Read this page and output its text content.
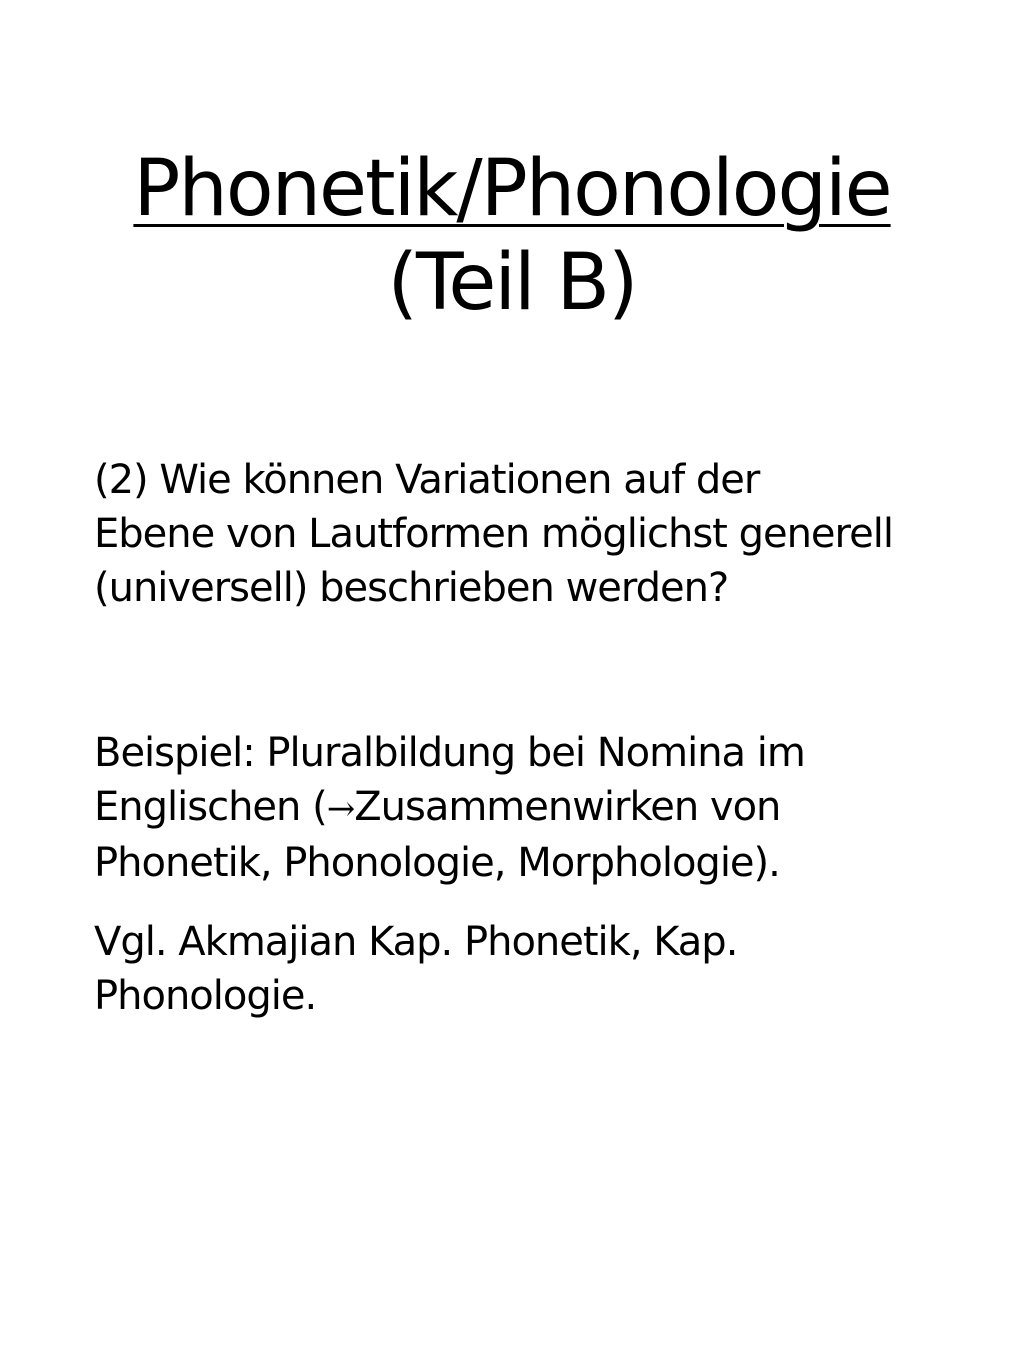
Phonetik/Phonologie
(Teil B)
(2) Wie können Variationen auf der
Ebene von Lautformen möglichst generell
(universell) beschrieben werden?
Beispiel: Pluralbildung bei Nomina im
Englischen (→Zusammenwirken von
Phonetik, Phonologie, Morphologie).
Vgl. Akmajian Kap. Phonetik, Kap.
Phonologie.
